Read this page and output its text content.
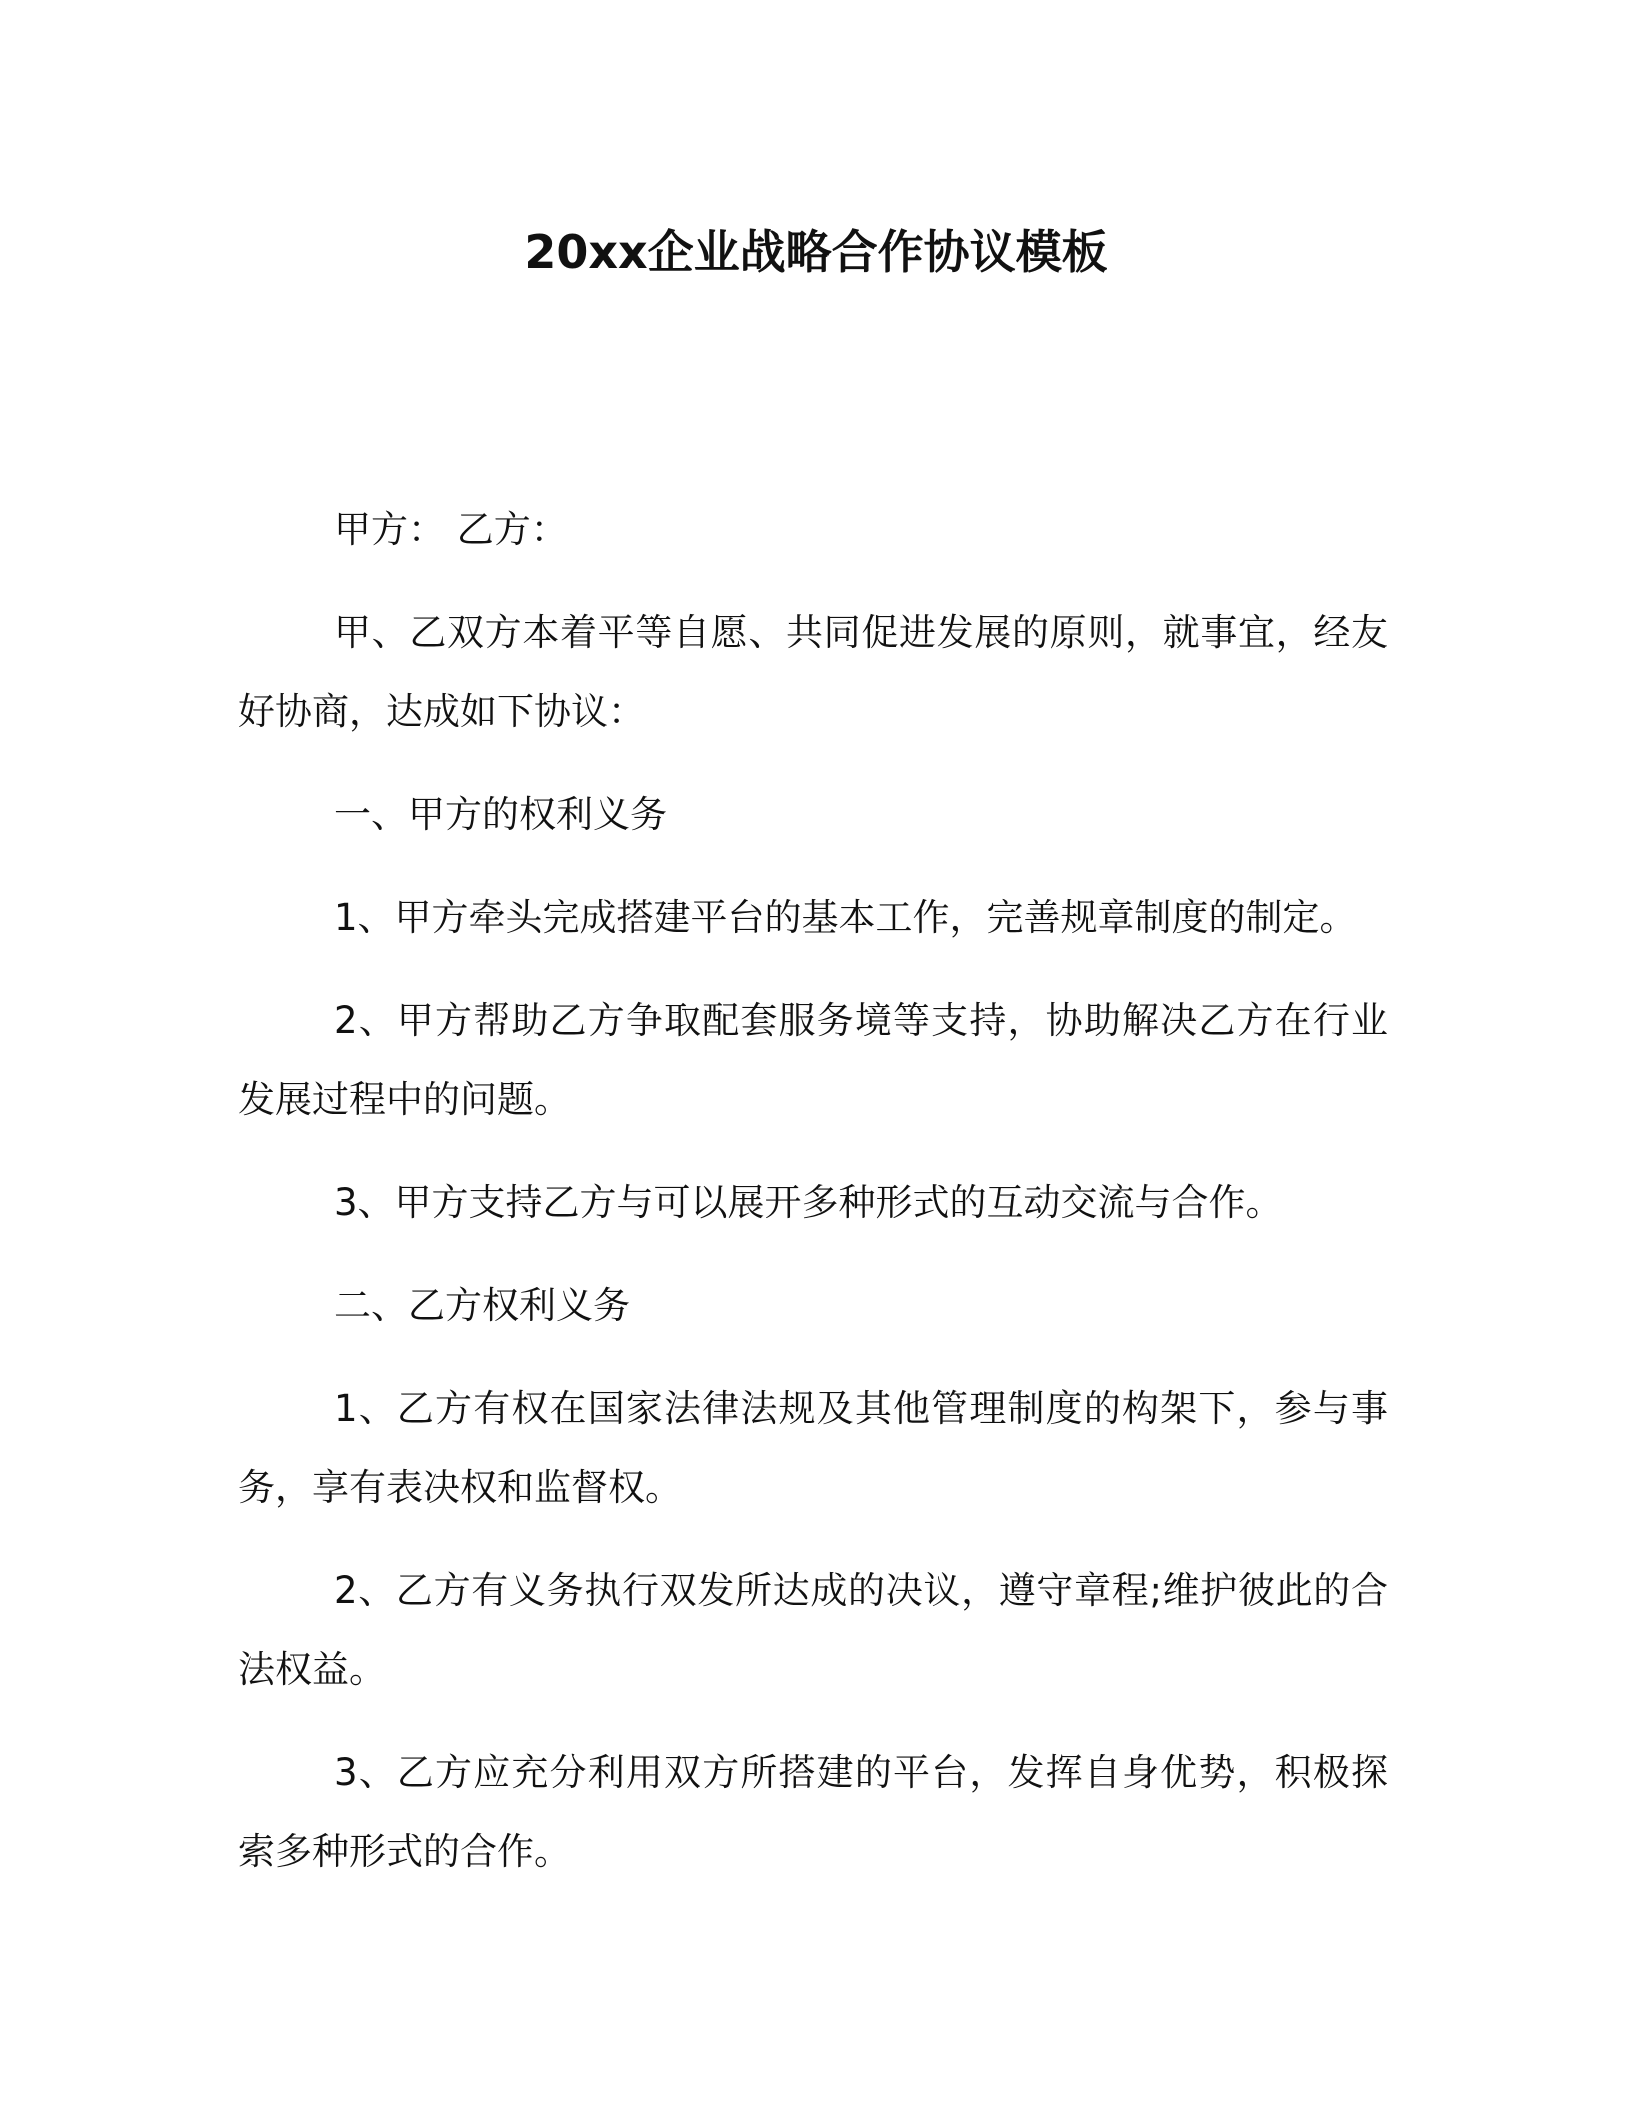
20xx企业战略合作协议模板

甲方： 乙方：

甲、乙双方本着平等自愿、共同促进发展的原则，就事宜，经友好协商，达成如下协议：

一、甲方的权利义务

1、甲方牵头完成搭建平台的基本工作，完善规章制度的制定。

2、甲方帮助乙方争取配套服务境等支持，协助解决乙方在行业发展过程中的问题。

3、甲方支持乙方与可以展开多种形式的互动交流与合作。

二、乙方权利义务

1、乙方有权在国家法律法规及其他管理制度的构架下，参与事务，享有表决权和监督权。

2、乙方有义务执行双发所达成的决议，遵守章程;维护彼此的合法权益。

3、乙方应充分利用双方所搭建的平台，发挥自身优势，积极探索多种形式的合作。
